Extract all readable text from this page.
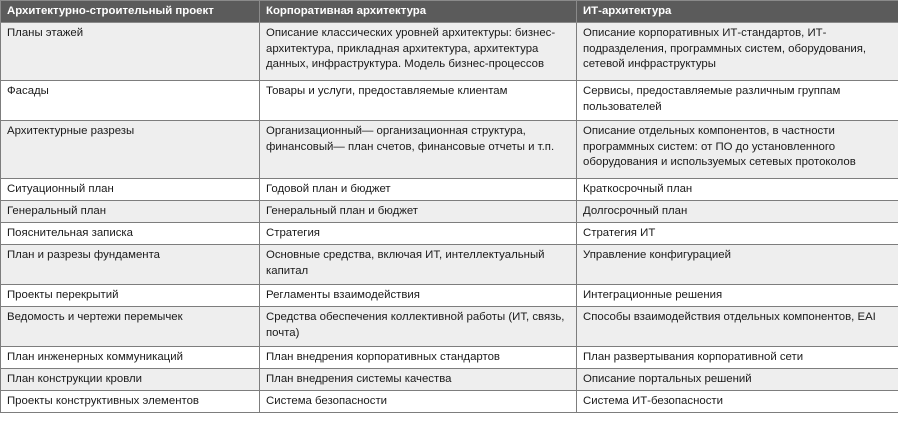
Архитектурно-строительный проект	Корпоративная архитектура	ИТ-архитектура
Планы этажей	Описание классических уровней архитектуры: бизнес-архитектура, прикладная архитектура, архитектура данных, инфраструктура. Модель бизнес-процессов	Описание корпоративных ИТ-стандартов, ИТ-подразделения, программных систем, оборудования, сетевой инфраструктуры
Фасады	Товары и услуги, предоставляемые клиентам	Сервисы, предоставляемые различным группам пользователей
Архитектурные разрезы	Организационный— организационная структура, финансовый— план счетов, финансовые отчеты и т.п.	Описание отдельных компонентов, в частности программных систем: от ПО до установленного оборудования и используемых сетевых протоколов
Ситуационный план	Годовой план и бюджет	Краткосрочный план
Генеральный план	Генеральный план и бюджет	Долгосрочный план
Пояснительная записка	Стратегия	Стратегия ИТ
План и разрезы фундамента	Основные средства, включая ИТ, интеллектуальный капитал	Управление конфигурацией
Проекты перекрытий	Регламенты взаимодействия	Интеграционные решения
Ведомость и чертежи перемычек	Средства обеспечения коллективной работы (ИТ, связь, почта)	Способы взаимодействия отдельных компонентов, EAI
План инженерных коммуникаций	План внедрения корпоративных стандартов	План развертывания корпоративной сети
План конструкции кровли	План внедрения системы качества	Описание портальных решений
Проекты конструктивных элементов	Система безопасности	Система ИТ-безопасности
